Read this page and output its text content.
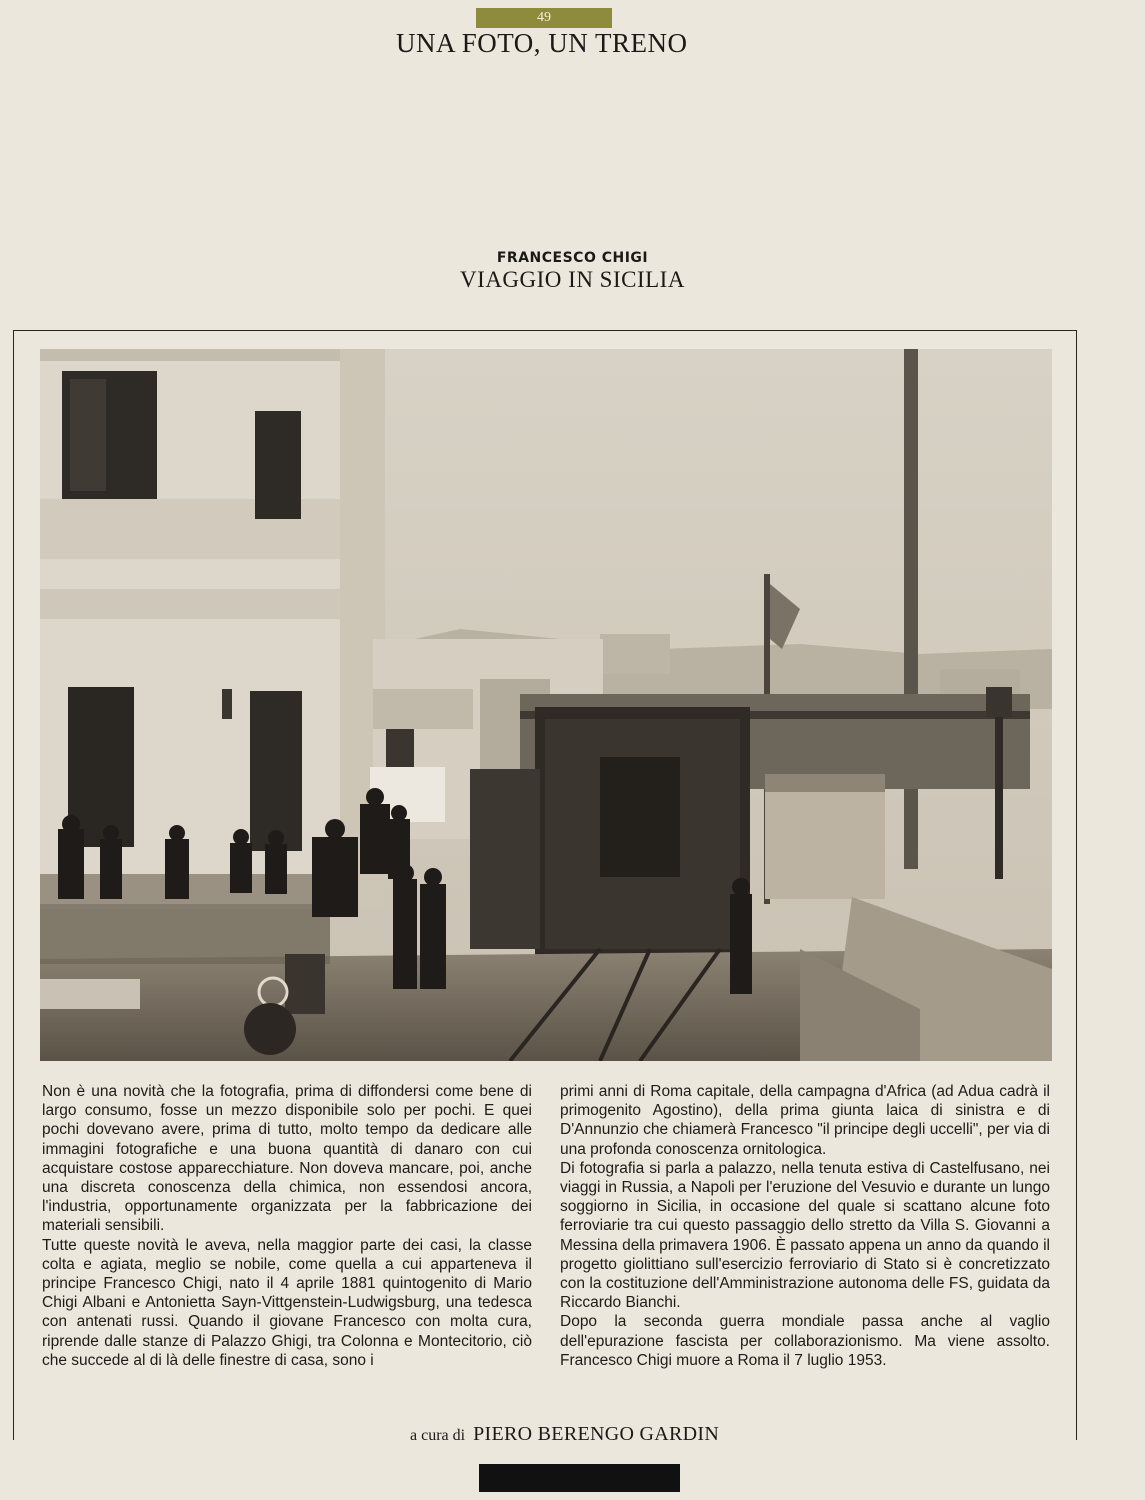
49
UNA FOTO, UN TRENO
FRANCESCO CHIGI
VIAGGIO IN SICILIA

Non è una novità che la fotografia, prima di diffondersi come bene di largo consumo, fosse un mezzo disponibile solo per pochi. E quei pochi dovevano avere, prima di tutto, molto tempo da dedicare alle immagini fotografiche e una buona quantità di danaro con cui acquistare costose apparecchiature. Non doveva mancare, poi, anche una discreta conoscenza della chimica, non essendosi ancora, l'industria, opportunamente organizzata per la fabbricazione dei materiali sensibili.

Tutte queste novità le aveva, nella maggior parte dei casi, la classe colta e agiata, meglio se nobile, come quella a cui apparteneva il principe Francesco Chigi, nato il 4 aprile 1881 quintogenito di Mario Chigi Albani e Antonietta Sayn-Vittgenstein-Ludwigsburg, una tedesca con antenati russi. Quando il giovane Francesco con molta cura, riprende dalle stanze di Palazzo Ghigi, tra Colonna e Montecitorio, ciò che succede al di là delle finestre di casa, sono i

primi anni di Roma capitale, della campagna d'Africa (ad Adua cadrà il primogenito Agostino), della prima giunta laica di sinistra e di D'Annunzio che chiamerà Francesco "il principe degli uccelli", per via di una profonda conoscenza ornitologica.

Di fotografia si parla a palazzo, nella tenuta estiva di Castelfusano, nei viaggi in Russia, a Napoli per l'eruzione del Vesuvio e durante un lungo soggiorno in Sicilia, in occasione del quale si scattano alcune foto ferroviarie tra cui questo passaggio dello stretto da Villa S. Giovanni a Messina della primavera 1906. È passato appena un anno da quando il progetto giolittiano sull'esercizio ferroviario di Stato si è concretizzato con la costituzione dell'Amministrazione autonoma delle FS, guidata da Riccardo Bianchi.

Dopo la seconda guerra mondiale passa anche al vaglio dell'epurazione fascista per collaborazionismo. Ma viene assolto. Francesco Chigi muore a Roma il 7 luglio 1953.

a cura di PIERO BERENGO GARDIN
